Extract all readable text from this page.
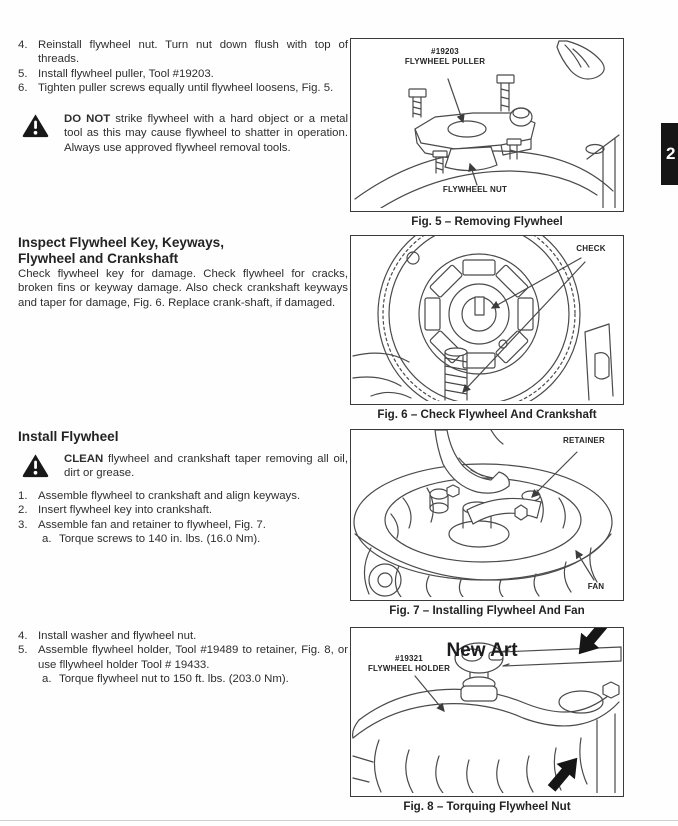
4. Reinstall flywheel nut. Turn nut down flush with top of threads.
5. Install flywheel puller, Tool #19203.
6. Tighten puller screws equally until flywheel loosens, Fig. 5.
DO NOT strike flywheel with a hard object or a metal tool as this may cause flywheel to shatter in operation. Always use approved flywheel removal tools.
Inspect Flywheel Key, Keyways,
Flywheel and Crankshaft
Check flywheel key for damage. Check flywheel for cracks, broken fins or keyway damage. Also check crankshaft keyways and taper for damage, Fig. 6. Replace crank-shaft, if damaged.
Install Flywheel
CLEAN flywheel and crankshaft taper removing all oil, dirt or grease.
1. Assemble flywheel to crankshaft and align keyways.
2. Insert flywheel key into crankshaft.
3. Assemble fan and retainer to flywheel, Fig. 7.
a. Torque screws to 140 in. lbs. (16.0 Nm).
4. Install washer and flywheel nut.
5. Assemble flywheel holder, Tool #19489 to retainer, Fig. 8, or use fllywheel holder Tool # 19433.
a. Torque flywheel nut to 150 ft. lbs. (203.0 Nm).
#19203
FLYWHEEL PULLER
FLYWHEEL NUT
Fig. 5 – Removing Flywheel
CHECK
Fig. 6 – Check Flywheel And Crankshaft
RETAINER
FAN
Fig. 7 – Installing Flywheel And Fan
New Art
#19321
FLYWHEEL HOLDER
Fig. 8 – Torquing Flywheel Nut
2
